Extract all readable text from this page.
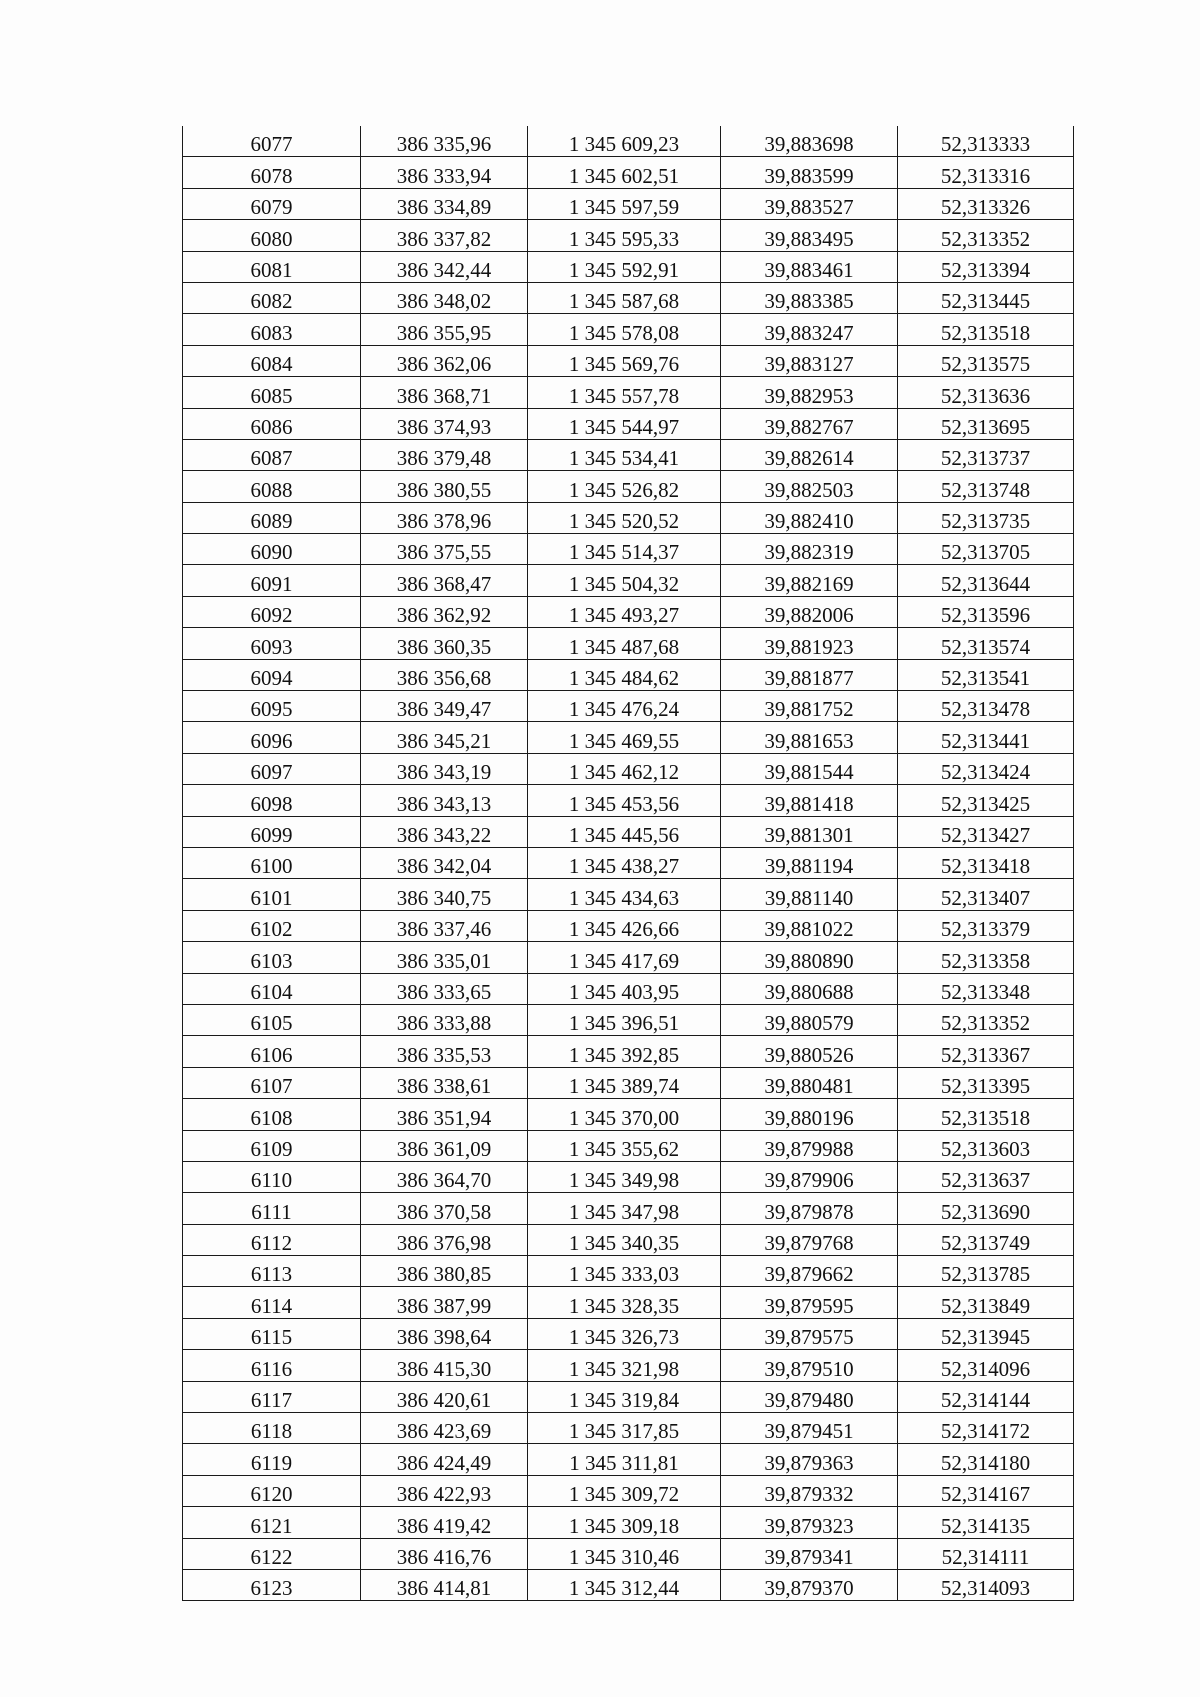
6077	386 335,96	1 345 609,23	39,883698	52,313333
6078	386 333,94	1 345 602,51	39,883599	52,313316
6079	386 334,89	1 345 597,59	39,883527	52,313326
6080	386 337,82	1 345 595,33	39,883495	52,313352
6081	386 342,44	1 345 592,91	39,883461	52,313394
6082	386 348,02	1 345 587,68	39,883385	52,313445
6083	386 355,95	1 345 578,08	39,883247	52,313518
6084	386 362,06	1 345 569,76	39,883127	52,313575
6085	386 368,71	1 345 557,78	39,882953	52,313636
6086	386 374,93	1 345 544,97	39,882767	52,313695
6087	386 379,48	1 345 534,41	39,882614	52,313737
6088	386 380,55	1 345 526,82	39,882503	52,313748
6089	386 378,96	1 345 520,52	39,882410	52,313735
6090	386 375,55	1 345 514,37	39,882319	52,313705
6091	386 368,47	1 345 504,32	39,882169	52,313644
6092	386 362,92	1 345 493,27	39,882006	52,313596
6093	386 360,35	1 345 487,68	39,881923	52,313574
6094	386 356,68	1 345 484,62	39,881877	52,313541
6095	386 349,47	1 345 476,24	39,881752	52,313478
6096	386 345,21	1 345 469,55	39,881653	52,313441
6097	386 343,19	1 345 462,12	39,881544	52,313424
6098	386 343,13	1 345 453,56	39,881418	52,313425
6099	386 343,22	1 345 445,56	39,881301	52,313427
6100	386 342,04	1 345 438,27	39,881194	52,313418
6101	386 340,75	1 345 434,63	39,881140	52,313407
6102	386 337,46	1 345 426,66	39,881022	52,313379
6103	386 335,01	1 345 417,69	39,880890	52,313358
6104	386 333,65	1 345 403,95	39,880688	52,313348
6105	386 333,88	1 345 396,51	39,880579	52,313352
6106	386 335,53	1 345 392,85	39,880526	52,313367
6107	386 338,61	1 345 389,74	39,880481	52,313395
6108	386 351,94	1 345 370,00	39,880196	52,313518
6109	386 361,09	1 345 355,62	39,879988	52,313603
6110	386 364,70	1 345 349,98	39,879906	52,313637
6111	386 370,58	1 345 347,98	39,879878	52,313690
6112	386 376,98	1 345 340,35	39,879768	52,313749
6113	386 380,85	1 345 333,03	39,879662	52,313785
6114	386 387,99	1 345 328,35	39,879595	52,313849
6115	386 398,64	1 345 326,73	39,879575	52,313945
6116	386 415,30	1 345 321,98	39,879510	52,314096
6117	386 420,61	1 345 319,84	39,879480	52,314144
6118	386 423,69	1 345 317,85	39,879451	52,314172
6119	386 424,49	1 345 311,81	39,879363	52,314180
6120	386 422,93	1 345 309,72	39,879332	52,314167
6121	386 419,42	1 345 309,18	39,879323	52,314135
6122	386 416,76	1 345 310,46	39,879341	52,314111
6123	386 414,81	1 345 312,44	39,879370	52,314093
